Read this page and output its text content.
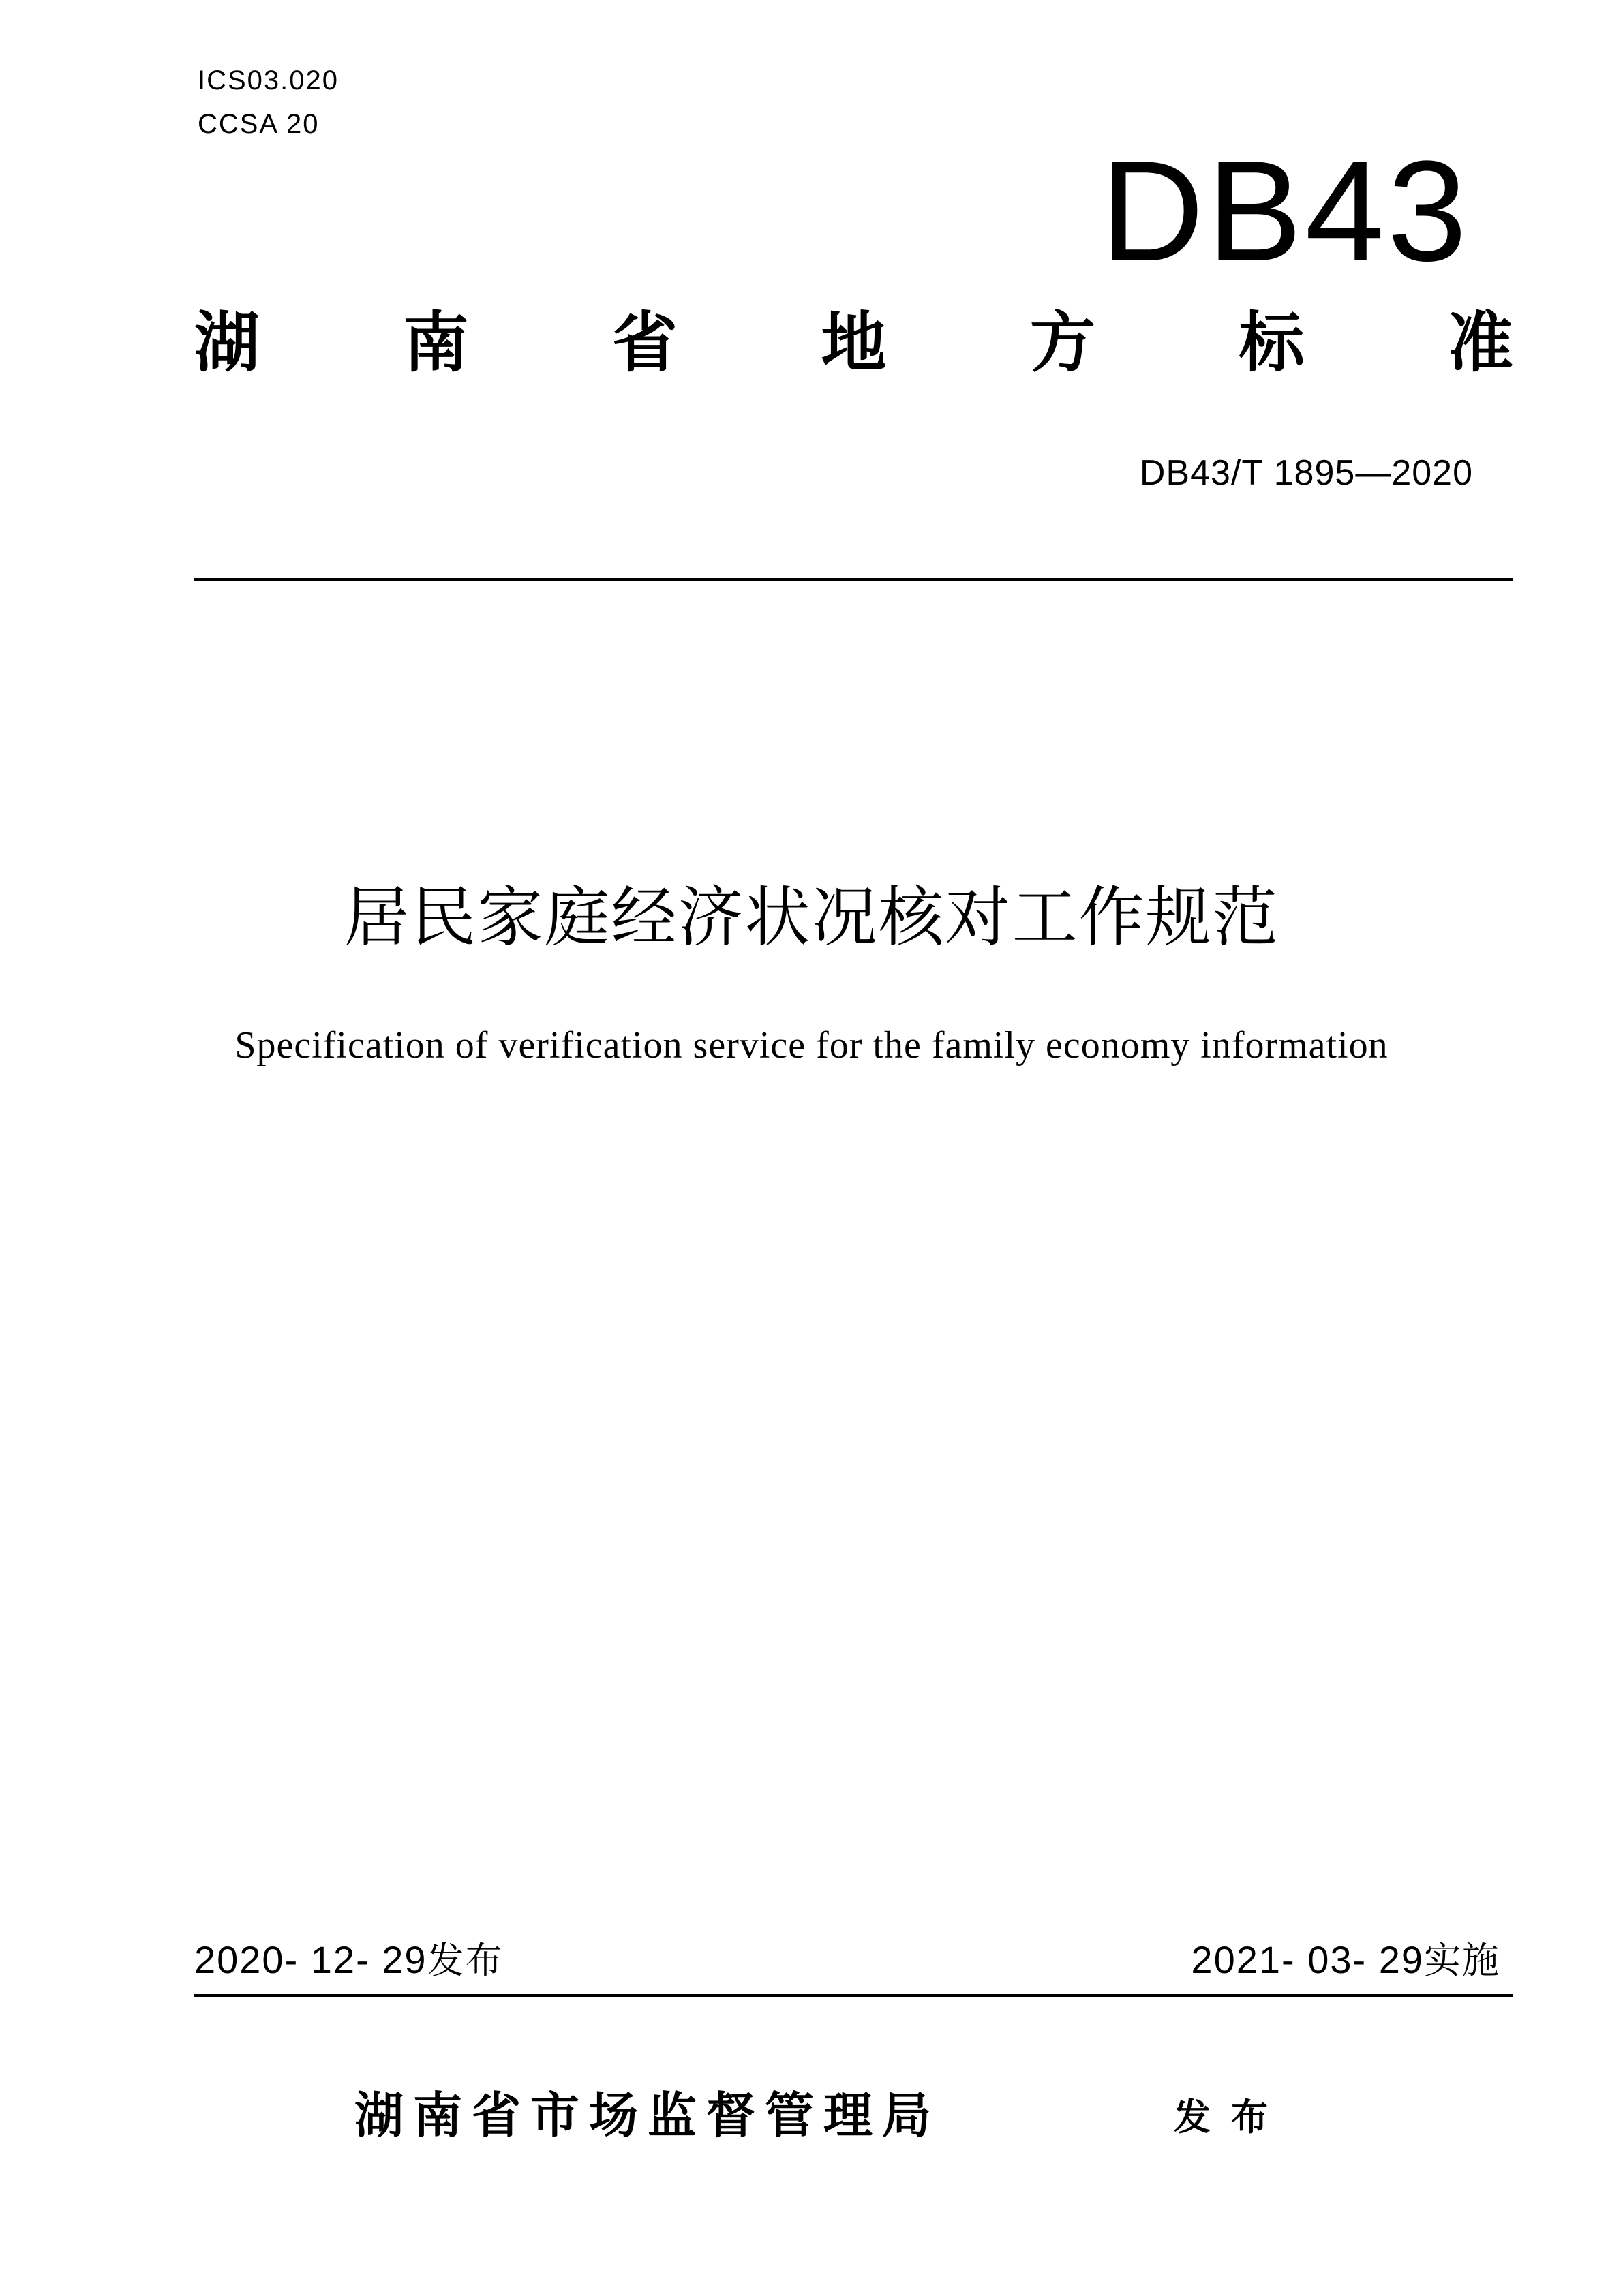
ICS03.020
CCSA 20
DB43
湖 南 省 地 方 标 准
DB43/T 1895—2020
居民家庭经济状况核对工作规范
Specification of verification service for the family economy information
2020- 12- 29发布	2021- 03- 29实施
湖南省市场监督管理局	发布
